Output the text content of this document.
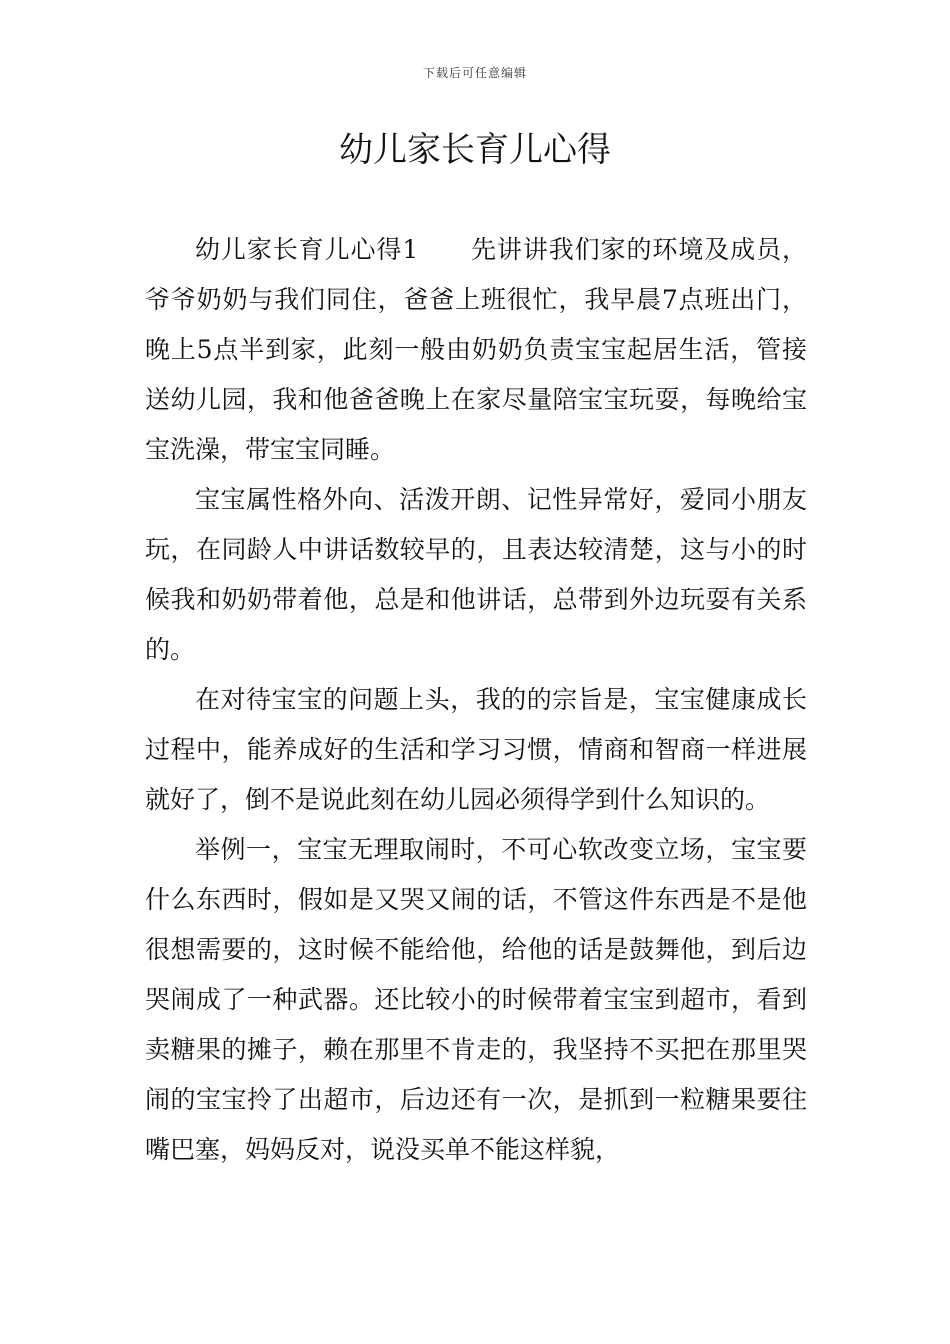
下载后可任意编辑
幼儿家长育儿心得

幼儿家长育儿心得1　　先讲讲我们家的环境及成员，爷爷奶奶与我们同住，爸爸上班很忙，我早晨7点班出门，晚上5点半到家，此刻一般由奶奶负责宝宝起居生活，管接送幼儿园，我和他爸爸晚上在家尽量陪宝宝玩耍，每晚给宝宝洗澡，带宝宝同睡。

宝宝属性格外向、活泼开朗、记性异常好，爱同小朋友玩，在同龄人中讲话数较早的，且表达较清楚，这与小的时候我和奶奶带着他，总是和他讲话，总带到外边玩耍有关系的。

在对待宝宝的问题上头，我的的宗旨是，宝宝健康成长过程中，能养成好的生活和学习习惯，情商和智商一样进展就好了，倒不是说此刻在幼儿园必须得学到什么知识的。

举例一，宝宝无理取闹时，不可心软改变立场，宝宝要什么东西时，假如是又哭又闹的话，不管这件东西是不是他很想需要的，这时候不能给他，给他的话是鼓舞他，到后边哭闹成了一种武器。还比较小的时候带着宝宝到超市，看到卖糖果的摊子，赖在那里不肯走的，我坚持不买把在那里哭闹的宝宝拎了出超市，后边还有一次，是抓到一粒糖果要往嘴巴塞，妈妈反对，说没买单不能这样貌，
